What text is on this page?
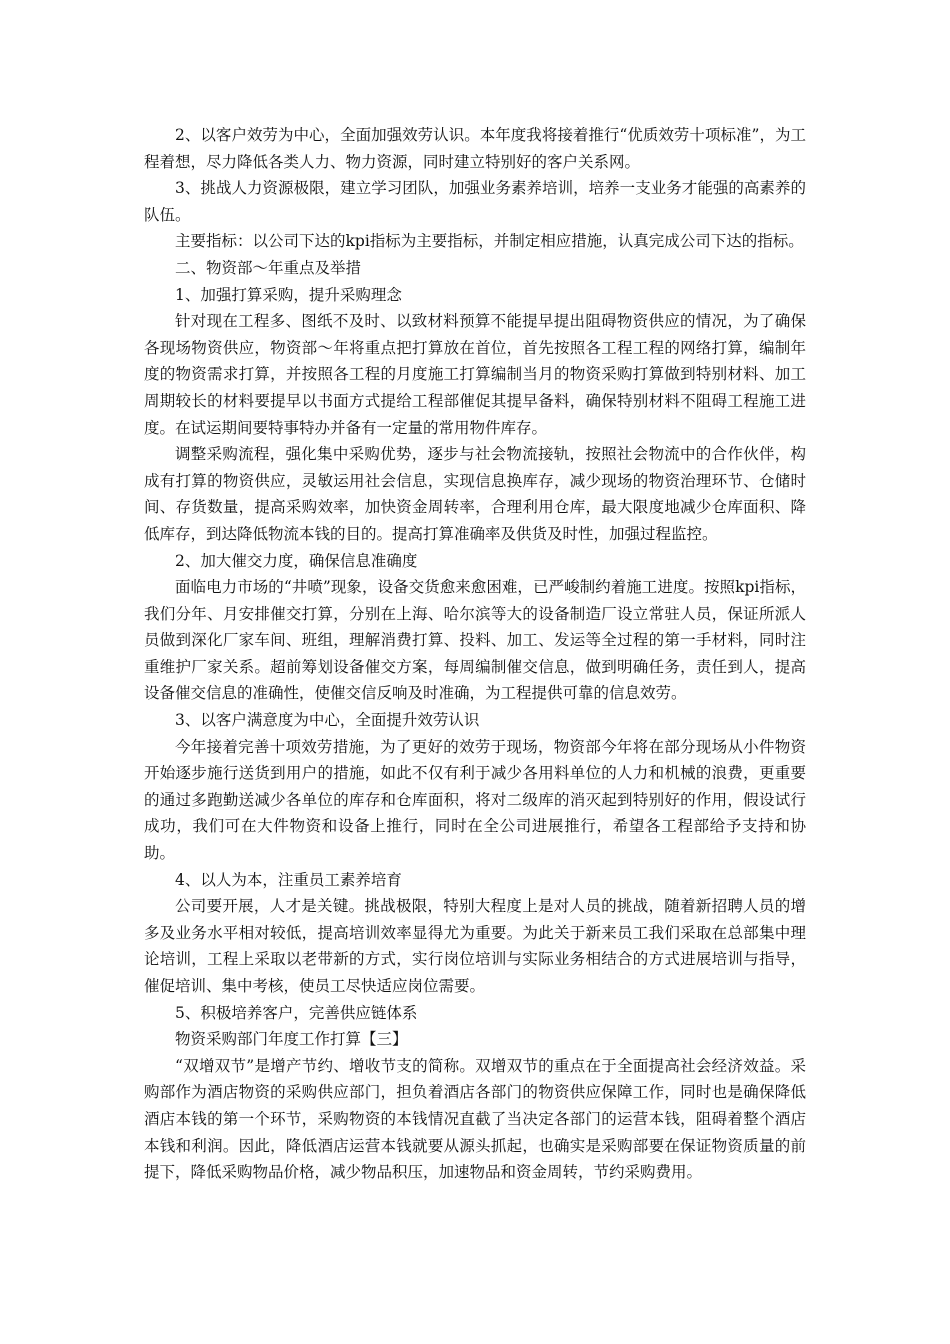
2、以客户效劳为中心，全面加强效劳认识。本年度我将接着推行“优质效劳十项标准”，为工程着想，尽力降低各类人力、物力资源，同时建立特别好的客户关系网。

3、挑战人力资源极限，建立学习团队，加强业务素养培训，培养一支业务才能强的高素养的队伍。

主要指标：以公司下达的kpi指标为主要指标，并制定相应措施，认真完成公司下达的指标。

二、物资部～年重点及举措

1、加强打算采购，提升采购理念

针对现在工程多、图纸不及时、以致材料预算不能提早提出阻碍物资供应的情况，为了确保各现场物资供应，物资部～年将重点把打算放在首位，首先按照各工程工程的网络打算，编制年度的物资需求打算，并按照各工程的月度施工打算编制当月的物资采购打算做到特别材料、加工周期较长的材料要提早以书面方式提给工程部催促其提早备料，确保特别材料不阻碍工程施工进度。在试运期间要特事特办并备有一定量的常用物件库存。

调整采购流程，强化集中采购优势，逐步与社会物流接轨，按照社会物流中的合作伙伴，构成有打算的物资供应，灵敏运用社会信息，实现信息换库存，减少现场的物资治理环节、仓储时间、存货数量，提高采购效率，加快资金周转率，合理利用仓库，最大限度地减少仓库面积、降低库存，到达降低物流本钱的目的。提高打算准确率及供货及时性，加强过程监控。

2、加大催交力度，确保信息准确度

面临电力市场的“井喷”现象，设备交货愈来愈困难，已严峻制约着施工进度。按照kpi指标，我们分年、月安排催交打算，分别在上海、哈尔滨等大的设备制造厂设立常驻人员，保证所派人员做到深化厂家车间、班组，理解消费打算、投料、加工、发运等全过程的第一手材料，同时注重维护厂家关系。超前筹划设备催交方案，每周编制催交信息，做到明确任务，责任到人，提高设备催交信息的准确性，使催交信反响及时准确，为工程提供可靠的信息效劳。

3、以客户满意度为中心，全面提升效劳认识

今年接着完善十项效劳措施，为了更好的效劳于现场，物资部今年将在部分现场从小件物资开始逐步施行送货到用户的措施，如此不仅有利于减少各用料单位的人力和机械的浪费，更重要的通过多跑勤送减少各单位的库存和仓库面积，将对二级库的消灭起到特别好的作用，假设试行成功，我们可在大件物资和设备上推行，同时在全公司进展推行，希望各工程部给予支持和协助。

4、以人为本，注重员工素养培育

公司要开展，人才是关键。挑战极限，特别大程度上是对人员的挑战，随着新招聘人员的增多及业务水平相对较低，提高培训效率显得尤为重要。为此关于新来员工我们采取在总部集中理论培训，工程上采取以老带新的方式，实行岗位培训与实际业务相结合的方式进展培训与指导，催促培训、集中考核，使员工尽快适应岗位需要。

5、积极培养客户，完善供应链体系

物资采购部门年度工作打算【三】

“双增双节”是增产节约、增收节支的简称。双增双节的重点在于全面提高社会经济效益。采购部作为酒店物资的采购供应部门，担负着酒店各部门的物资供应保障工作，同时也是确保降低酒店本钱的第一个环节，采购物资的本钱情况直截了当决定各部门的运营本钱，阻碍着整个酒店本钱和利润。因此，降低酒店运营本钱就要从源头抓起，也确实是采购部要在保证物资质量的前提下，降低采购物品价格，减少物品积压，加速物品和资金周转，节约采购费用。
